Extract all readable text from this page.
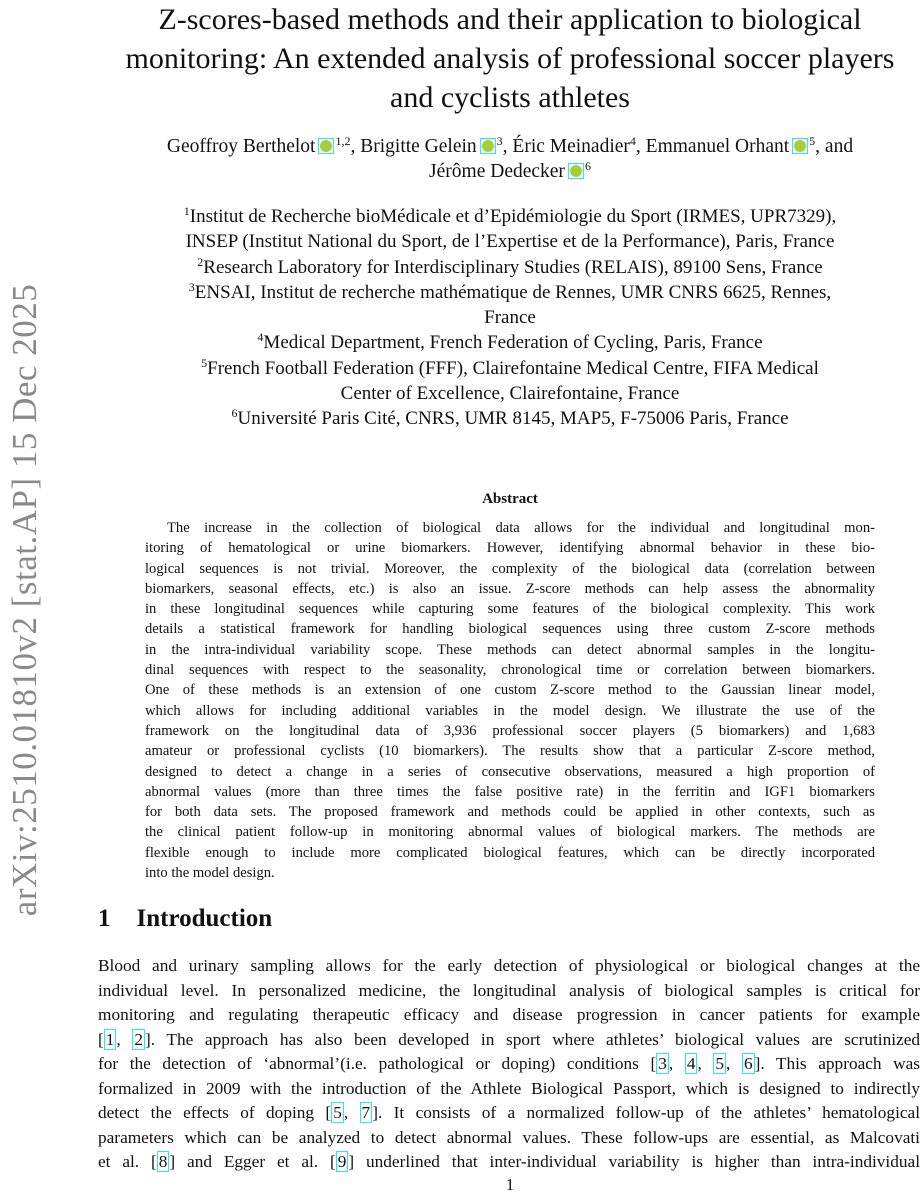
arXiv:2510.01810v2 [stat.AP] 15 Dec 2025
Z-scores-based methods and their application to biological
monitoring: An extended analysis of professional soccer players
and cyclists athletes
Geoffroy Berthelot $^{1,2}$, Brigitte Gelein $^3$, Éric Meinadier$^4$, Emmanuel Orhant $^5$, and
Jérôme Dedecker $^6$
$^1$Institut de Recherche bioMédicale et d’Epidémiologie du Sport (IRMES, UPR7329),
INSEP (Institut National du Sport, de l’Expertise et de la Performance), Paris, France
$^2$Research Laboratory for Interdisciplinary Studies (RELAIS), 89100 Sens, France
$^3$ENSAI, Institut de recherche mathématique de Rennes, UMR CNRS 6625, Rennes,
France
$^4$Medical Department, French Federation of Cycling, Paris, France
$^5$French Football Federation (FFF), Clairefontaine Medical Centre, FIFA Medical
Center of Excellence, Clairefontaine, France
$^6$Université Paris Cité, CNRS, UMR 8145, MAP5, F-75006 Paris, France
Abstract
The increase in the collection of biological data allows for the individual and longitudinal mon-
itoring of hematological or urine biomarkers. However, identifying abnormal behavior in these bio-
logical sequences is not trivial. Moreover, the complexity of the biological data (correlation between
biomarkers, seasonal effects, etc.) is also an issue. Z-score methods can help assess the abnormality
in these longitudinal sequences while capturing some features of the biological complexity. This work
details a statistical framework for handling biological sequences using three custom Z-score methods
in the intra-individual variability scope. These methods can detect abnormal samples in the longitu-
dinal sequences with respect to the seasonality, chronological time or correlation between biomarkers.
One of these methods is an extension of one custom Z-score method to the Gaussian linear model,
which allows for including additional variables in the model design. We illustrate the use of the
framework on the longitudinal data of 3,936 professional soccer players (5 biomarkers) and 1,683
amateur or professional cyclists (10 biomarkers). The results show that a particular Z-score method,
designed to detect a change in a series of consecutive observations, measured a high proportion of
abnormal values (more than three times the false positive rate) in the ferritin and IGF1 biomarkers
for both data sets. The proposed framework and methods could be applied in other contexts, such as
the clinical patient follow-up in monitoring abnormal values of biological markers. The methods are
flexible enough to include more complicated biological features, which can be directly incorporated
into the model design.
1 Introduction
Blood and urinary sampling allows for the early detection of physiological or biological changes at the
individual level. In personalized medicine, the longitudinal analysis of biological samples is critical for
monitoring and regulating therapeutic efficacy and disease progression in cancer patients for example
[ 1 , 2 ]. The approach has also been developed in sport where athletes’ biological values are scrutinized
for the detection of ‘abnormal’(i.e. pathological or doping) conditions [ 3 , 4 , 5 , 6 ]. This approach was
formalized in 2009 with the introduction of the Athlete Biological Passport, which is designed to indirectly
detect the effects of doping [ 5 , 7 ]. It consists of a normalized follow-up of the athletes’ hematological
parameters which can be analyzed to detect abnormal values. These follow-ups are essential, as Malcovati
et al. [ 8 ] and Egger et al. [ 9 ] underlined that inter-individual variability is higher than intra-individual
1
